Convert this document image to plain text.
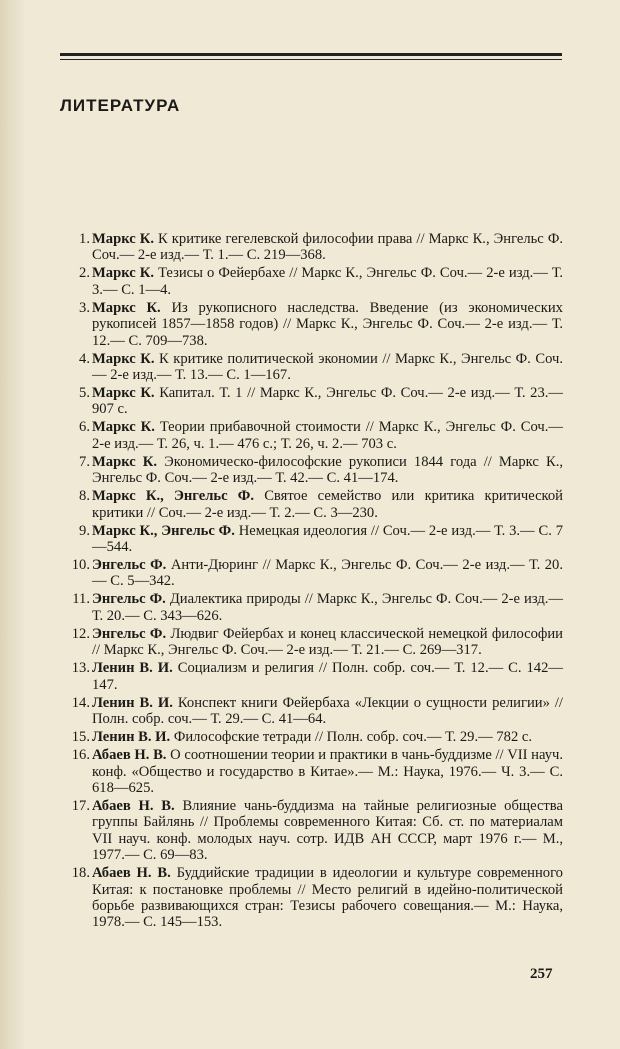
ЛИТЕРАТУРА
1. Маркс К. К критике гегелевской философии права // Маркс К., Энгельс Ф. Соч.— 2-е изд.— Т. 1.— С. 219—368.
2. Маркс К. Тезисы о Фейербахе // Маркс К., Энгельс Ф. Соч.— 2-е изд.— Т. 3.— С. 1—4.
3. Маркс К. Из рукописного наследства. Введение (из экономических рукописей 1857—1858 годов) // Маркс К., Энгельс Ф. Соч.— 2-е изд.— Т. 12.— С. 709—738.
4. Маркс К. К критике политической экономии // Маркс К., Энгельс Ф. Соч.— 2-е изд.— Т. 13.— С. 1—167.
5. Маркс К. Капитал. Т. 1 // Маркс К., Энгельс Ф. Соч.— 2-е изд.— Т. 23.— 907 с.
6. Маркс К. Теории прибавочной стоимости // Маркс К., Энгельс Ф. Соч.— 2-е изд.— Т. 26, ч. 1.— 476 с.; Т. 26, ч. 2.— 703 с.
7. Маркс К. Экономическо-философские рукописи 1844 года // Маркс К., Энгельс Ф. Соч.— 2-е изд.— Т. 42.— С. 41—174.
8. Маркс К., Энгельс Ф. Святое семейство или критика критической критики // Соч.— 2-е изд.— Т. 2.— С. 3—230.
9. Маркс К., Энгельс Ф. Немецкая идеология // Соч.— 2-е изд.— Т. 3.— С. 7—544.
10. Энгельс Ф. Анти-Дюринг // Маркс К., Энгельс Ф. Соч.— 2-е изд.— Т. 20.— С. 5—342.
11. Энгельс Ф. Диалектика природы // Маркс К., Энгельс Ф. Соч.— 2-е изд.— Т. 20.— С. 343—626.
12. Энгельс Ф. Людвиг Фейербах и конец классической немецкой философии // Маркс К., Энгельс Ф. Соч.— 2-е изд.— Т. 21.— С. 269—317.
13. Ленин В. И. Социализм и религия // Полн. собр. соч.— Т. 12.— С. 142—147.
14. Ленин В. И. Конспект книги Фейербаха «Лекции о сущности религии» // Полн. собр. соч.— Т. 29.— С. 41—64.
15. Ленин В. И. Философские тетради // Полн. собр. соч.— Т. 29.— 782 с.
16. Абаев Н. В. О соотношении теории и практики в чань-буддизме // VII науч. конф. «Общество и государство в Китае».— М.: Наука, 1976.— Ч. 3.— С. 618—625.
17. Абаев Н. В. Влияние чань-буддизма на тайные религиозные общества группы Байлянь // Проблемы современного Китая: Сб. ст. по материалам VII науч. конф. молодых науч. сотр. ИДВ АН СССР, март 1976 г.— М., 1977.— С. 69—83.
18. Абаев Н. В. Буддийские традиции в идеологии и культуре современного Китая: к постановке проблемы // Место религий в идейно-политической борьбе развивающихся стран: Тезисы рабочего совещания.— М.: Наука, 1978.— С. 145—153.
257
